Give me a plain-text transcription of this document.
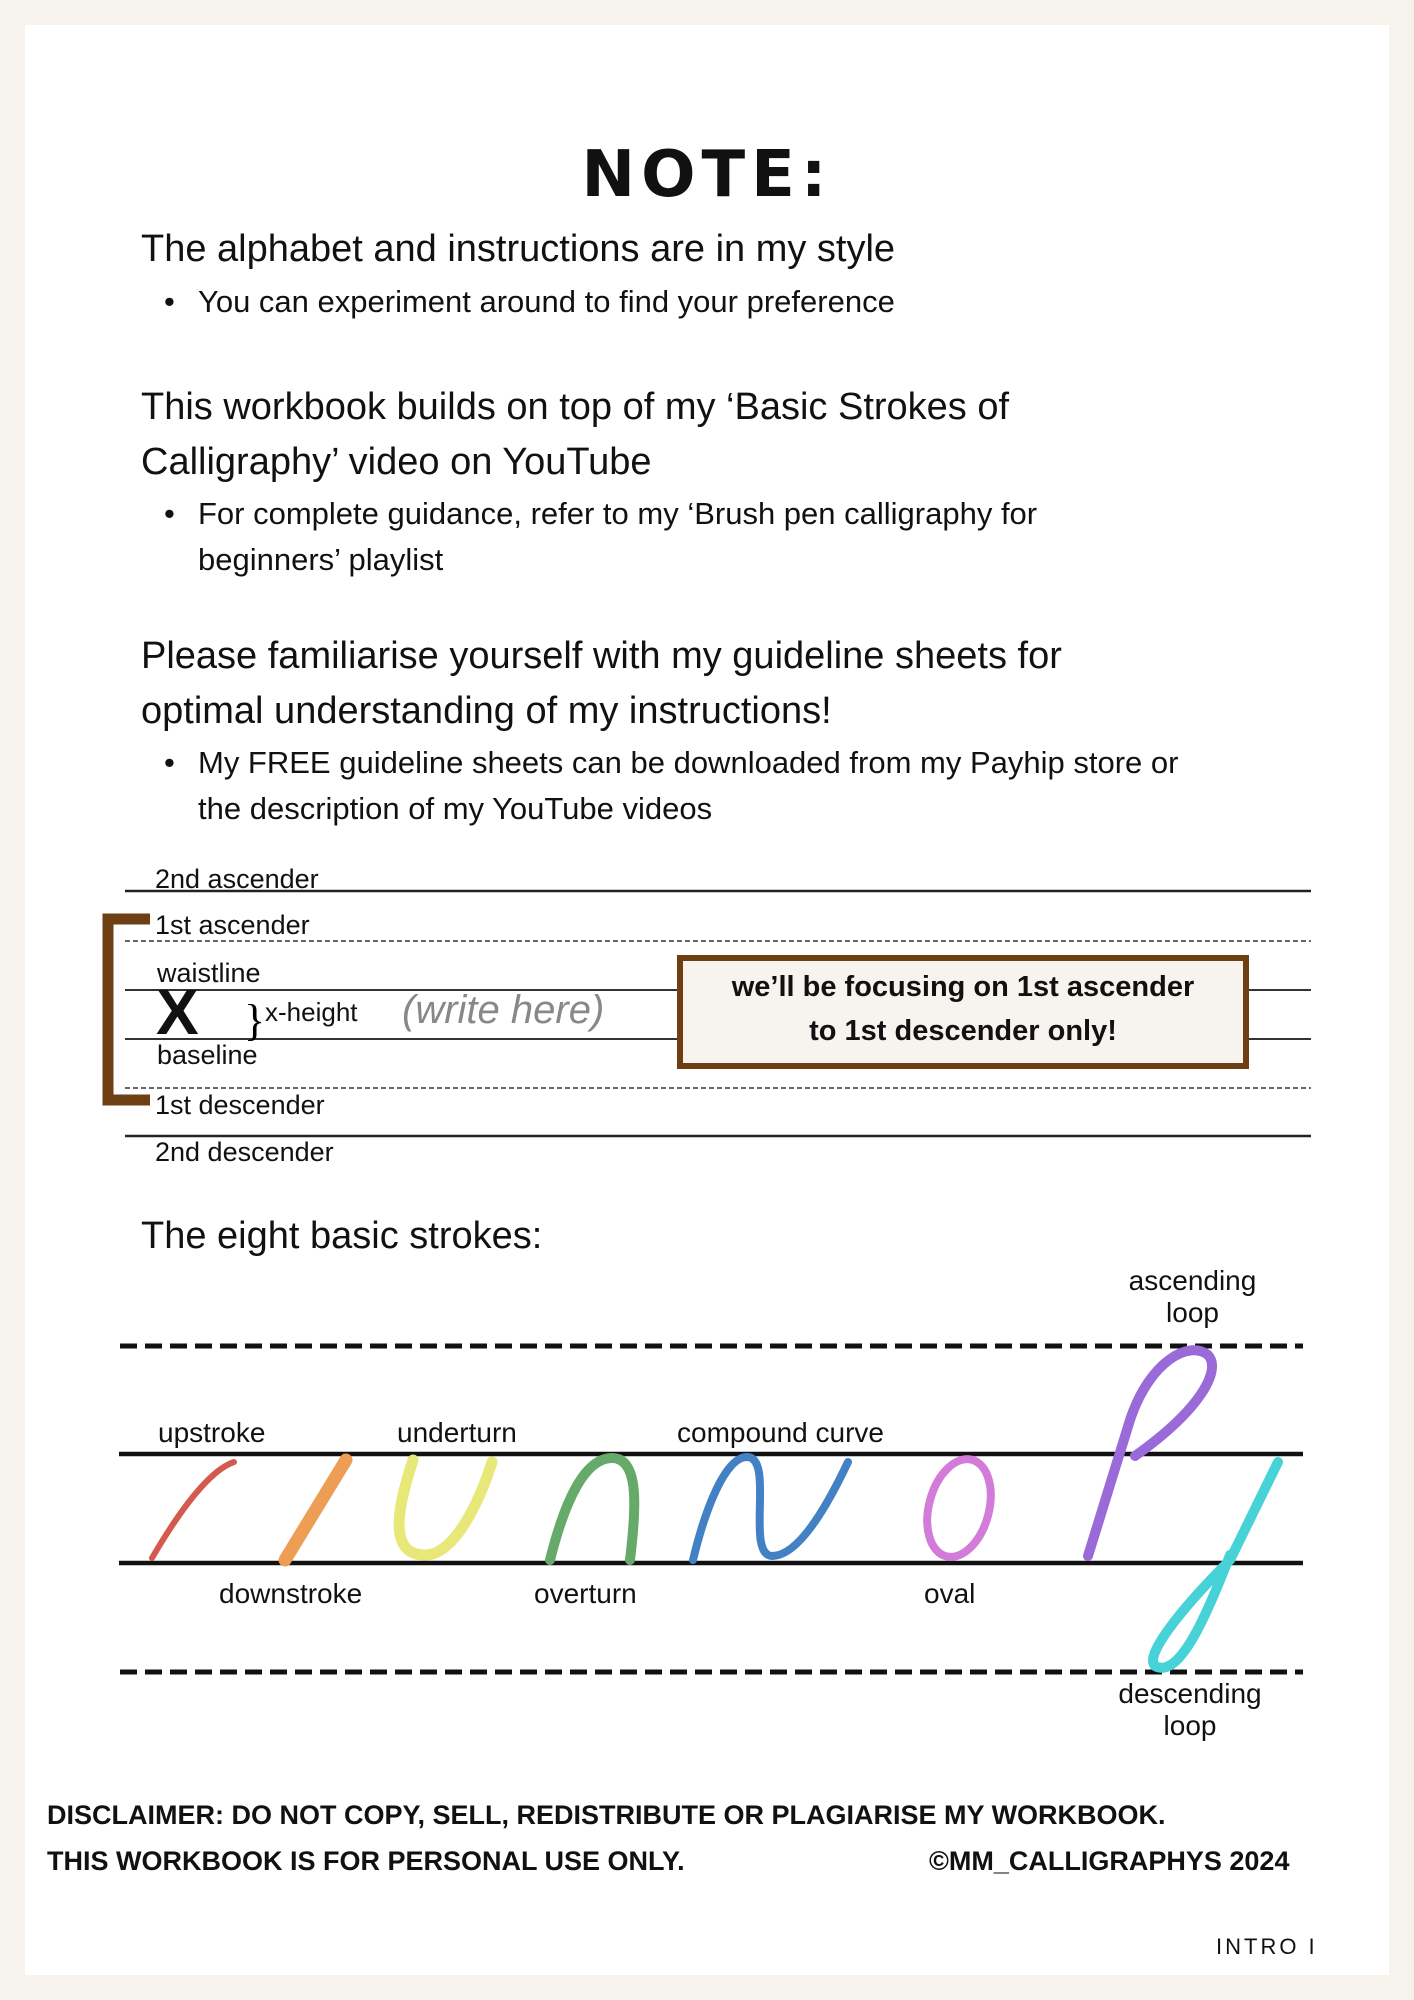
NOTE:
The alphabet and instructions are in my style
• You can experiment around to find your preference
This workbook builds on top of my ‘Basic Strokes of
Calligraphy’ video on YouTube
• For complete guidance, refer to my ‘Brush pen calligraphy for
beginners’ playlist
Please familiarise yourself with my guideline sheets for
optimal understanding of my instructions!
• My FREE guideline sheets can be downloaded from my Payhip store or
the description of my YouTube videos
}
2nd ascender
1st ascender
waistline
X	x-height (write here)
baseline
1st descender
2nd descender
we’ll be focusing on 1st ascender
to 1st descender only!
The eight basic strokes:
upstroke
downstroke
underturn
overturn
compound curve
oval
ascending
loop
descending
loop
DISCLAIMER: DO NOT COPY, SELL, REDISTRIBUTE OR PLAGIARISE MY WORKBOOK.
THIS WORKBOOK IS FOR PERSONAL USE ONLY.	©MM_CALLIGRAPHYS 2024
INTRO I
